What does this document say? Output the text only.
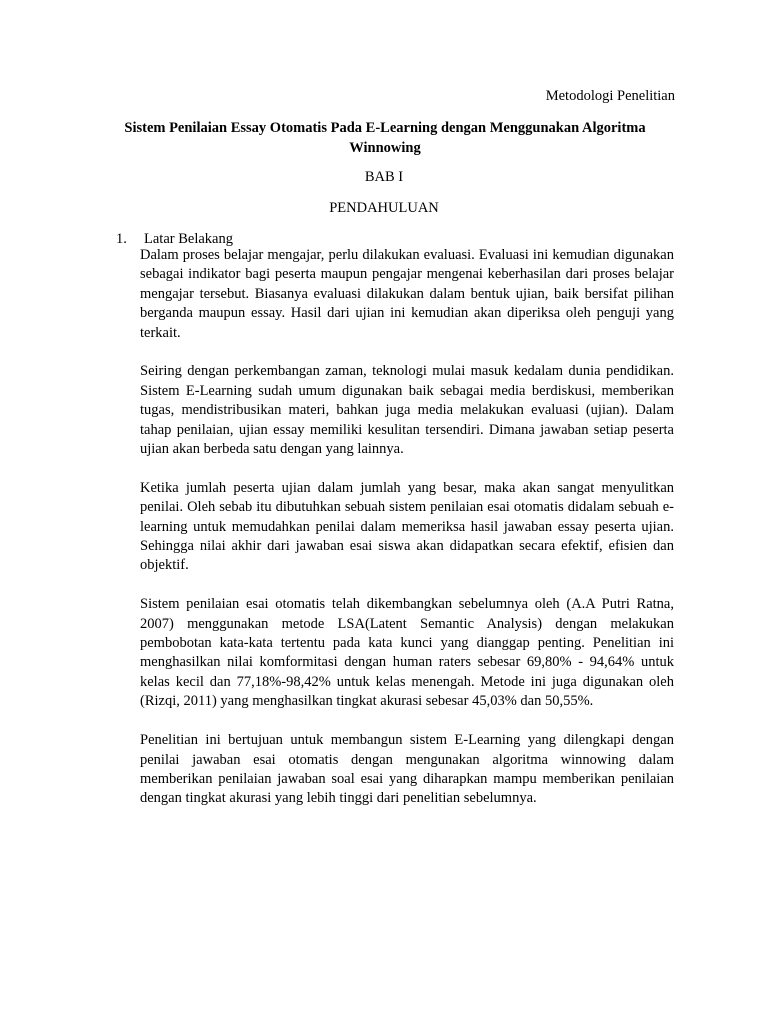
Metodologi Penelitian
Sistem Penilaian Essay Otomatis Pada E-Learning dengan Menggunakan Algoritma Winnowing
BAB I
PENDAHULUAN
1. Latar Belakang

Dalam proses belajar mengajar, perlu dilakukan evaluasi. Evaluasi ini kemudian digunakan sebagai indikator bagi peserta maupun pengajar mengenai keberhasilan dari proses belajar mengajar tersebut. Biasanya evaluasi dilakukan dalam bentuk ujian, baik bersifat pilihan berganda maupun essay. Hasil dari ujian ini kemudian akan diperiksa oleh penguji yang terkait.

Seiring dengan perkembangan zaman, teknologi mulai masuk kedalam dunia pendidikan. Sistem E-Learning sudah umum digunakan baik sebagai media berdiskusi, memberikan tugas, mendistribusikan materi, bahkan juga media melakukan evaluasi (ujian). Dalam tahap penilaian, ujian essay memiliki kesulitan tersendiri. Dimana jawaban setiap peserta ujian akan berbeda satu dengan yang lainnya.

Ketika jumlah peserta ujian dalam jumlah yang besar, maka akan sangat menyulitkan penilai. Oleh sebab itu dibutuhkan sebuah sistem penilaian esai otomatis didalam sebuah e-learning untuk memudahkan penilai dalam memeriksa hasil jawaban essay peserta ujian. Sehingga nilai akhir dari jawaban esai siswa akan didapatkan secara efektif, efisien dan objektif.

Sistem penilaian esai otomatis telah dikembangkan sebelumnya oleh (A.A Putri Ratna, 2007) menggunakan metode LSA(Latent Semantic Analysis) dengan melakukan pembobotan kata-kata tertentu pada kata kunci yang dianggap penting. Penelitian ini menghasilkan nilai komformitasi dengan human raters sebesar 69,80% - 94,64% untuk kelas kecil dan 77,18%-98,42% untuk kelas menengah. Metode ini juga digunakan oleh (Rizqi, 2011) yang menghasilkan tingkat akurasi sebesar 45,03% dan 50,55%.

Penelitian ini bertujuan untuk membangun sistem E-Learning yang dilengkapi dengan penilai jawaban esai otomatis dengan mengunakan algoritma winnowing dalam memberikan penilaian jawaban soal esai yang diharapkan mampu memberikan penilaian dengan tingkat akurasi yang lebih tinggi dari penelitian sebelumnya.
